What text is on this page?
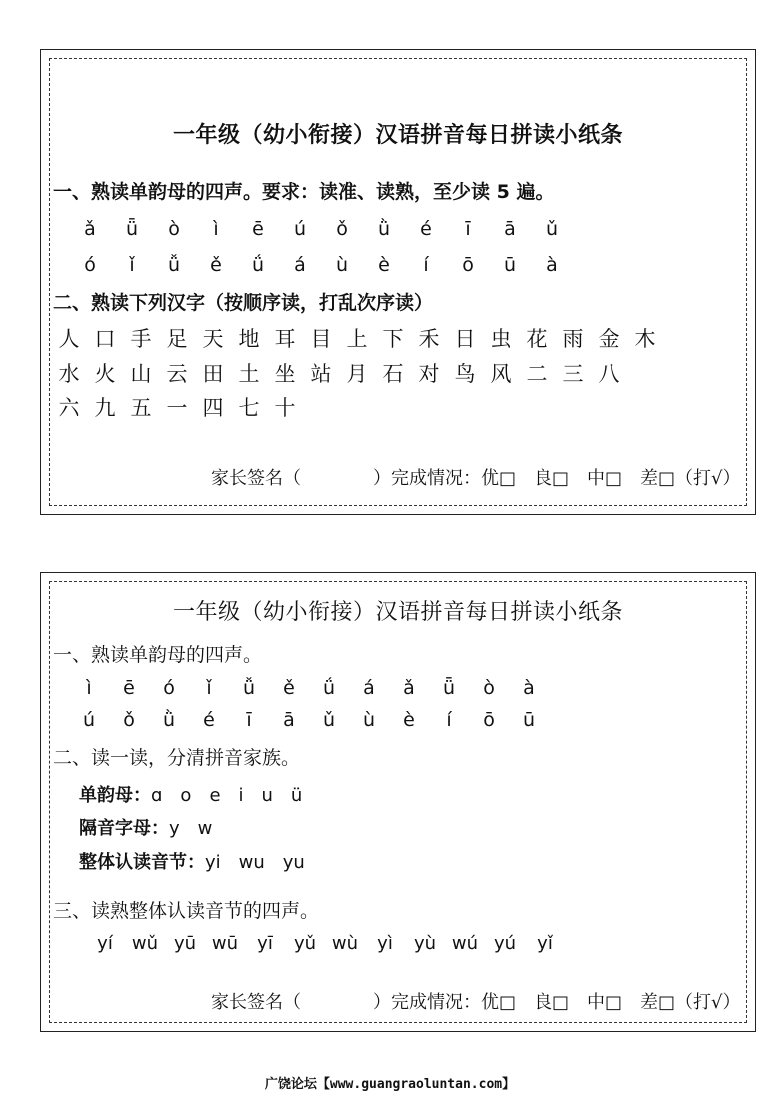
一年级（幼小衔接）汉语拼音每日拼读小纸条
一、熟读单韵母的四声。要求：读准、读熟，至少读 5 遍。
ǎ	ǖ	ò	ì	ē	ú	ǒ	ǜ	é	ī	ā	ǔ
ó	ǐ	ǚ	ě	ǘ	á	ù	è	í	ō	ū	à
二、熟读下列汉字（按顺序读，打乱次序读）
人 口 手 足 天 地 耳 目 上 下 禾 日 虫 花 雨 金 木
水 火 山 云 田 土 坐 站 月 石 对 鸟 风 二 三 八
六 九 五 一 四 七 十
家长签名（　　　　）完成情况：优□　良□　中□　差□（打√）
一年级（幼小衔接）汉语拼音每日拼读小纸条
一、熟读单韵母的四声。
ì	ē	ó	ǐ	ǚ	ě	ǘ	á	ǎ	ǖ	ò	à
ú	ǒ	ǜ	é	ī	ā	ǔ	ù	è	í	ō	ū
二、读一读，分清拼音家族。
单韵母：ɑ　o　e　i　u　ü
隔音字母：y　w
整体认读音节：yi　wu　yu
三、读熟整体认读音节的四声。
yí	wǔ yū wū	yī	yǔ wù	yì	yù wú yú	yǐ
家长签名（　　　　）完成情况：优□　良□　中□　差□（打√）
广饶论坛【www.guangraoluntan.com】
